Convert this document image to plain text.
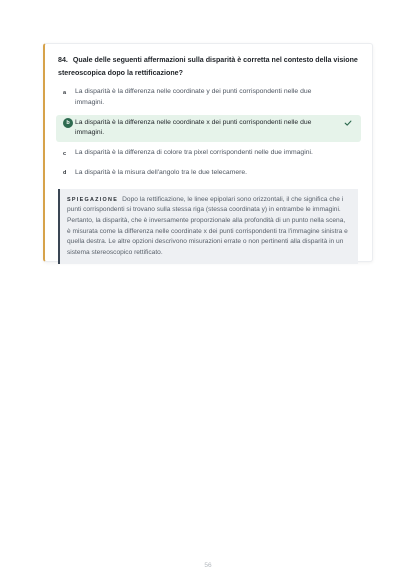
84. Quale delle seguenti affermazioni sulla disparità è corretta nel contesto della visione stereoscopica dopo la rettificazione?
a	La disparità è la differenza nelle coordinate y dei punti corrispondenti nelle due immagini.
b La disparità è la differenza nelle coordinate x dei punti corrispondenti nelle due immagini.
c	La disparità è la differenza di colore tra pixel corrispondenti nelle due immagini.
d	La disparità è la misura dell'angolo tra le due telecamere.

SPIEGAZIONE Dopo la rettificazione, le linee epipolari sono orizzontali, il che significa che i punti corrispondenti si trovano sulla stessa riga (stessa coordinata y) in entrambe le immagini. Pertanto, la disparità, che è inversamente proporzionale alla profondità di un punto nella scena, è misurata come la differenza nelle coordinate x dei punti corrispondenti tra l'immagine sinistra e quella destra. Le altre opzioni descrivono misurazioni errate o non pertinenti alla disparità in un sistema stereoscopico rettificato.

56
